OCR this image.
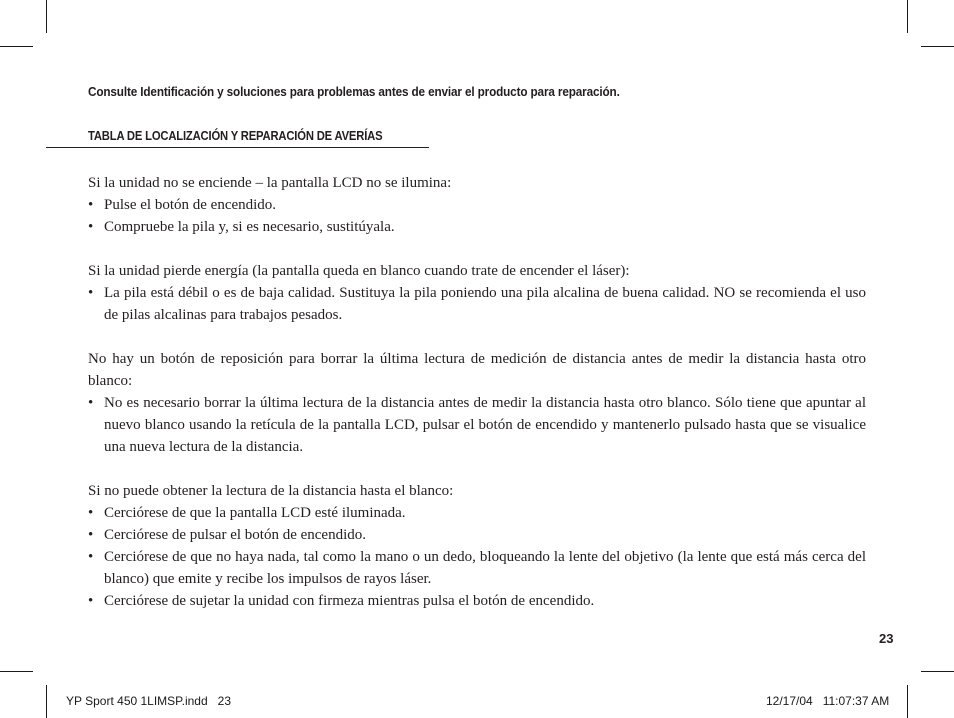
Consulte Identificación y soluciones para problemas antes de enviar el producto para reparación.
TABLA DE LOCALIZACIÓN Y REPARACIÓN DE AVERÍAS

Si la unidad no se enciende – la pantalla LCD no se ilumina:

• Pulse el botón de encendido.
• Compruebe la pila y, si es necesario, sustitúyala.

Si la unidad pierde energía (la pantalla queda en blanco cuando trate de encender el láser):

• La pila está débil o es de baja calidad. Sustituya la pila poniendo una pila alcalina de buena calidad. NO se recomienda el uso de pilas alcalinas para trabajos pesados.

No hay un botón de reposición para borrar la última lectura de medición de distancia antes de medir la distancia hasta otro blanco:

• No es necesario borrar la última lectura de la distancia antes de medir la distancia hasta otro blanco. Sólo tiene que apuntar al nuevo blanco usando la retícula de la pantalla LCD, pulsar el botón de encendido y mantenerlo pulsado hasta que se visualice una nueva lectura de la distancia.

Si no puede obtener la lectura de la distancia hasta el blanco:

• Cerciórese de que la pantalla LCD esté iluminada.
• Cerciórese de pulsar el botón de encendido.
• Cerciórese de que no haya nada, tal como la mano o un dedo, bloqueando la lente del objetivo (la lente que está más cerca del blanco) que emite y recibe los impulsos de rayos láser.
• Cerciórese de sujetar la unidad con firmeza mientras pulsa el botón de encendido.
23
YP Sport 450 1LIMSP.indd   23	12/17/04   11:07:37 AM
